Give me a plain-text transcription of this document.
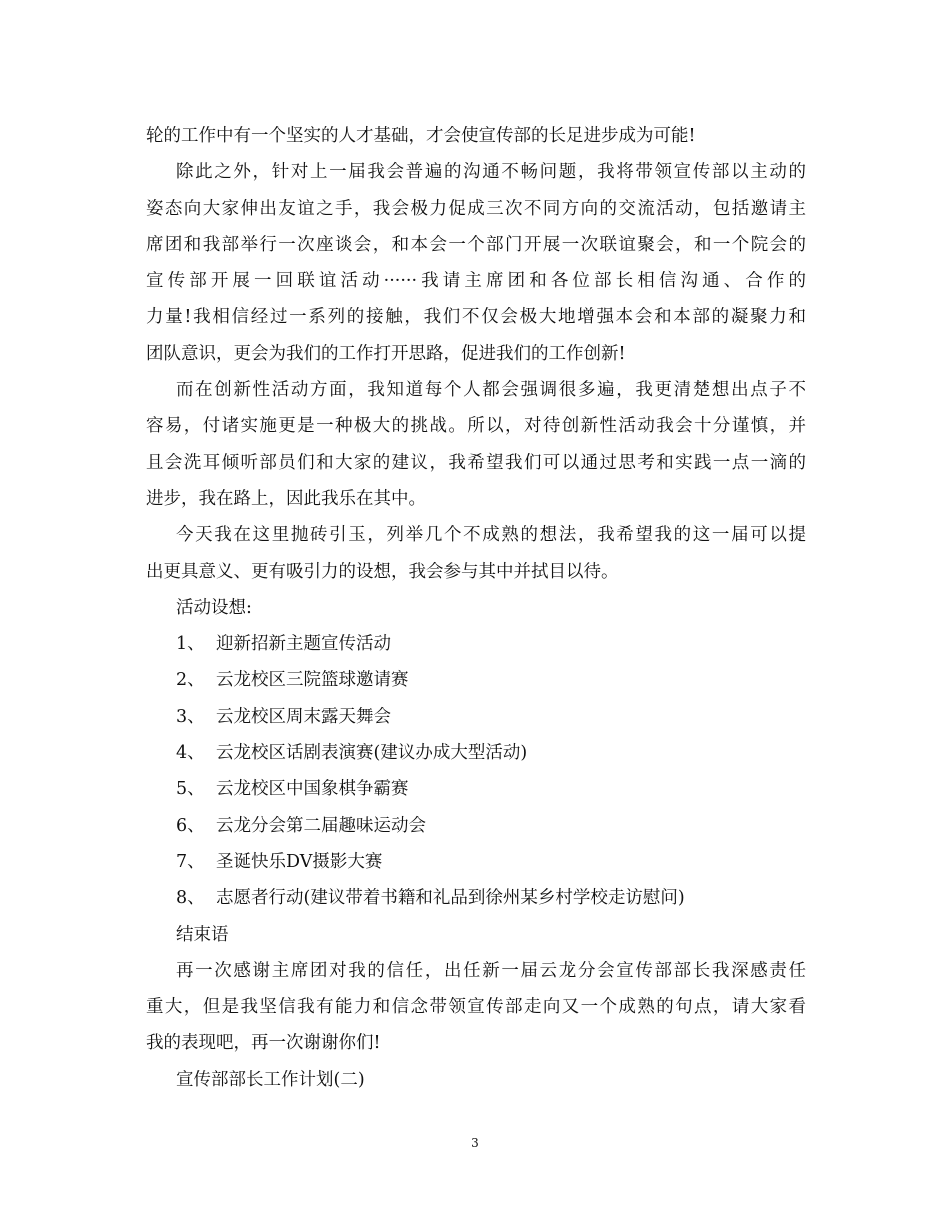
轮的工作中有一个坚实的人才基础，才会使宣传部的长足进步成为可能!
除此之外，针对上一届我会普遍的沟通不畅问题，我将带领宣传部以主动的
姿态向大家伸出友谊之手，我会极力促成三次不同方向的交流活动，包括邀请主
席团和我部举行一次座谈会，和本会一个部门开展一次联谊聚会，和一个院会的
宣传部开展一回联谊活动······我请主席团和各位部长相信沟通、合作的
力量!我相信经过一系列的接触，我们不仅会极大地增强本会和本部的凝聚力和
团队意识，更会为我们的工作打开思路，促进我们的工作创新!
而在创新性活动方面，我知道每个人都会强调很多遍，我更清楚想出点子不
容易，付诸实施更是一种极大的挑战。所以，对待创新性活动我会十分谨慎，并
且会洗耳倾听部员们和大家的建议，我希望我们可以通过思考和实践一点一滴的
进步，我在路上，因此我乐在其中。
今天我在这里抛砖引玉，列举几个不成熟的想法，我希望我的这一届可以提
出更具意义、更有吸引力的设想，我会参与其中并拭目以待。
活动设想:
1、 迎新招新主题宣传活动
2、 云龙校区三院篮球邀请赛
3、 云龙校区周末露天舞会
4、 云龙校区话剧表演赛(建议办成大型活动)
5、 云龙校区中国象棋争霸赛
6、 云龙分会第二届趣味运动会
7、 圣诞快乐DV摄影大赛
8、 志愿者行动(建议带着书籍和礼品到徐州某乡村学校走访慰问)
结束语
再一次感谢主席团对我的信任，出任新一届云龙分会宣传部部长我深感责任
重大，但是我坚信我有能力和信念带领宣传部走向又一个成熟的句点，请大家看
我的表现吧，再一次谢谢你们!
宣传部部长工作计划(二)
3
